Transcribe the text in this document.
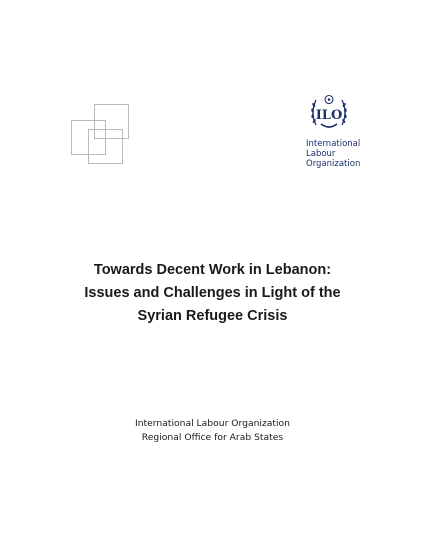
ILO
International
Labour
Organization
Towards Decent Work in Lebanon:
Issues and Challenges in Light of the
Syrian Refugee Crisis
International Labour Organization
Regional Office for Arab States
